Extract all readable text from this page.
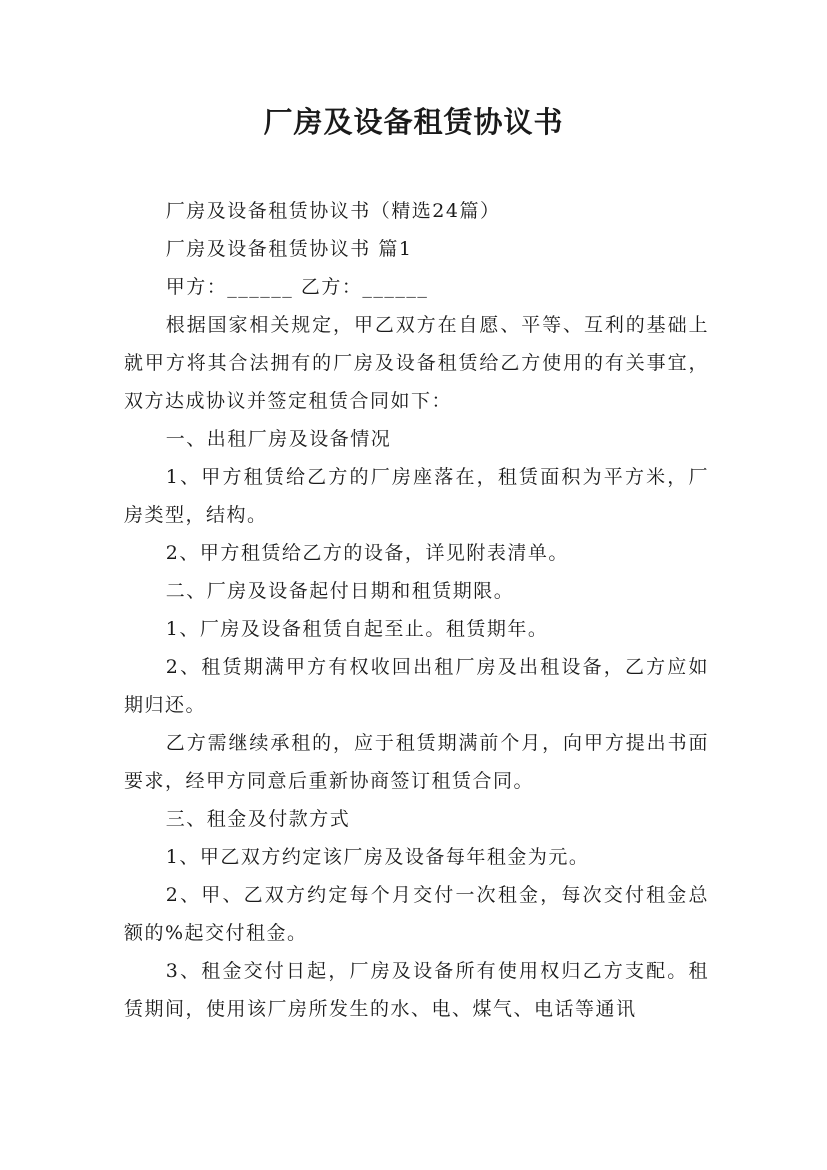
厂房及设备租赁协议书

厂房及设备租赁协议书（精选24篇）

厂房及设备租赁协议书 篇1

甲方：______ 乙方：______

根据国家相关规定，甲乙双方在自愿、平等、互利的基础上就甲方将其合法拥有的厂房及设备租赁给乙方使用的有关事宜，双方达成协议并签定租赁合同如下：

一、出租厂房及设备情况

1、甲方租赁给乙方的厂房座落在，租赁面积为平方米，厂房类型，结构。

2、甲方租赁给乙方的设备，详见附表清单。

二、厂房及设备起付日期和租赁期限。

1、厂房及设备租赁自起至止。租赁期年。

2、租赁期满甲方有权收回出租厂房及出租设备，乙方应如期归还。

乙方需继续承租的，应于租赁期满前个月，向甲方提出书面要求，经甲方同意后重新协商签订租赁合同。

三、租金及付款方式

1、甲乙双方约定该厂房及设备每年租金为元。

2、甲、乙双方约定每个月交付一次租金，每次交付租金总额的%起交付租金。

3、租金交付日起，厂房及设备所有使用权归乙方支配。租赁期间，使用该厂房所发生的水、电、煤气、电话等通讯
